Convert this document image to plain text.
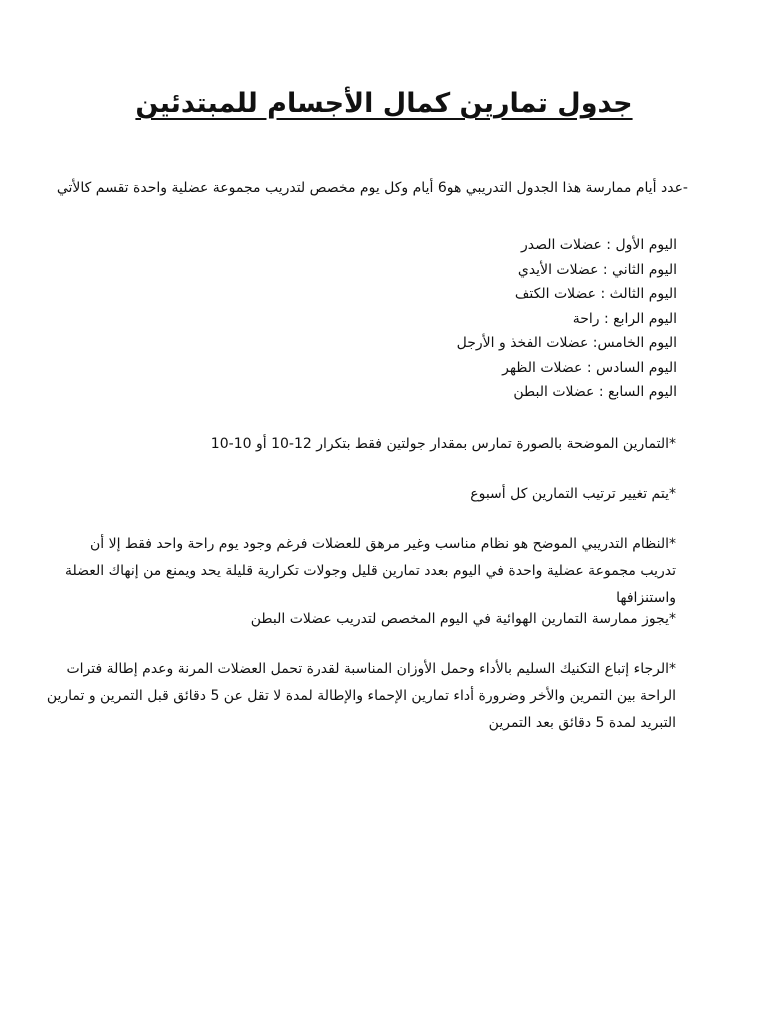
جدول تمارين كمال الأجسام للمبتدئين

-عدد أيام ممارسة هذا الجدول التدريبي هو6 أيام وكل يوم مخصص لتدريب مجموعة عضلية واحدة تقسم كالأتي

اليوم الأول : عضلات الصدر
اليوم الثاني : عضلات الأيدي
اليوم الثالث : عضلات الكتف
اليوم الرابع : راحة
اليوم الخامس: عضلات الفخذ و الأرجل
اليوم السادس : عضلات الظهر
اليوم السابع : عضلات البطن

*التمارين الموضحة بالصورة تمارس بمقدار جولتين فقط بتكرار 12-10 أو 10-10

*يتم تغيير ترتيب التمارين كل أسبوع

*النظام التدريبي الموضح هو نظام مناسب وغير مرهق للعضلات فرغم وجود يوم راحة واحد فقط إلا أن تدريب مجموعة عضلية واحدة في اليوم بعدد تمارين قليل وجولات تكرارية قليلة يحد ويمنع من إنهاك العضلة واستنزافها

*يجوز ممارسة التمارين الهوائية في اليوم المخصص لتدريب عضلات البطن

*الرجاء إتباع التكنيك السليم بالأداء وحمل الأوزان المناسبة لقدرة تحمل العضلات المرنة وعدم إطالة فترات الراحة بين التمرين والأخر وضرورة أداء تمارين الإحماء والإطالة لمدة لا تقل عن 5 دقائق قبل التمرين و تمارين التبريد لمدة 5 دقائق بعد التمرين
